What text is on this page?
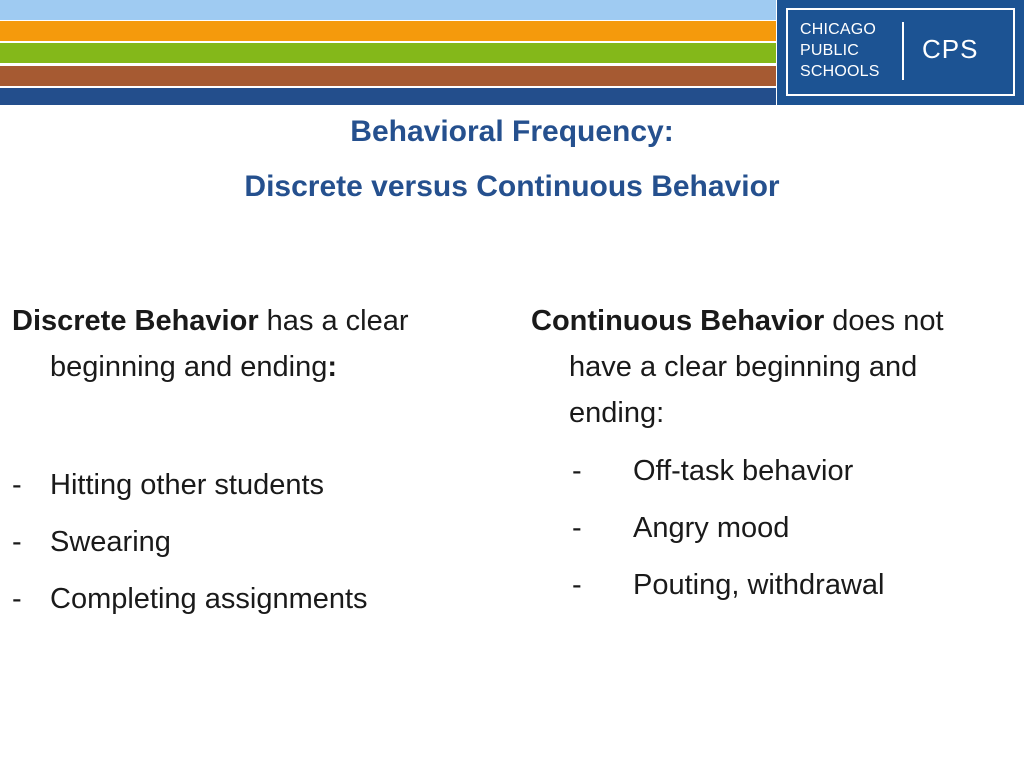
CHICAGO
PUBLIC
SCHOOLS
CPS
Behavioral Frequency:
Discrete versus Continuous Behavior
Discrete Behavior has a clear beginning and ending:
- Hitting other students
- Swearing
- Completing assignments
Continuous Behavior does not have a clear beginning and ending:
- Off-task behavior
- Angry mood
- Pouting, withdrawal
